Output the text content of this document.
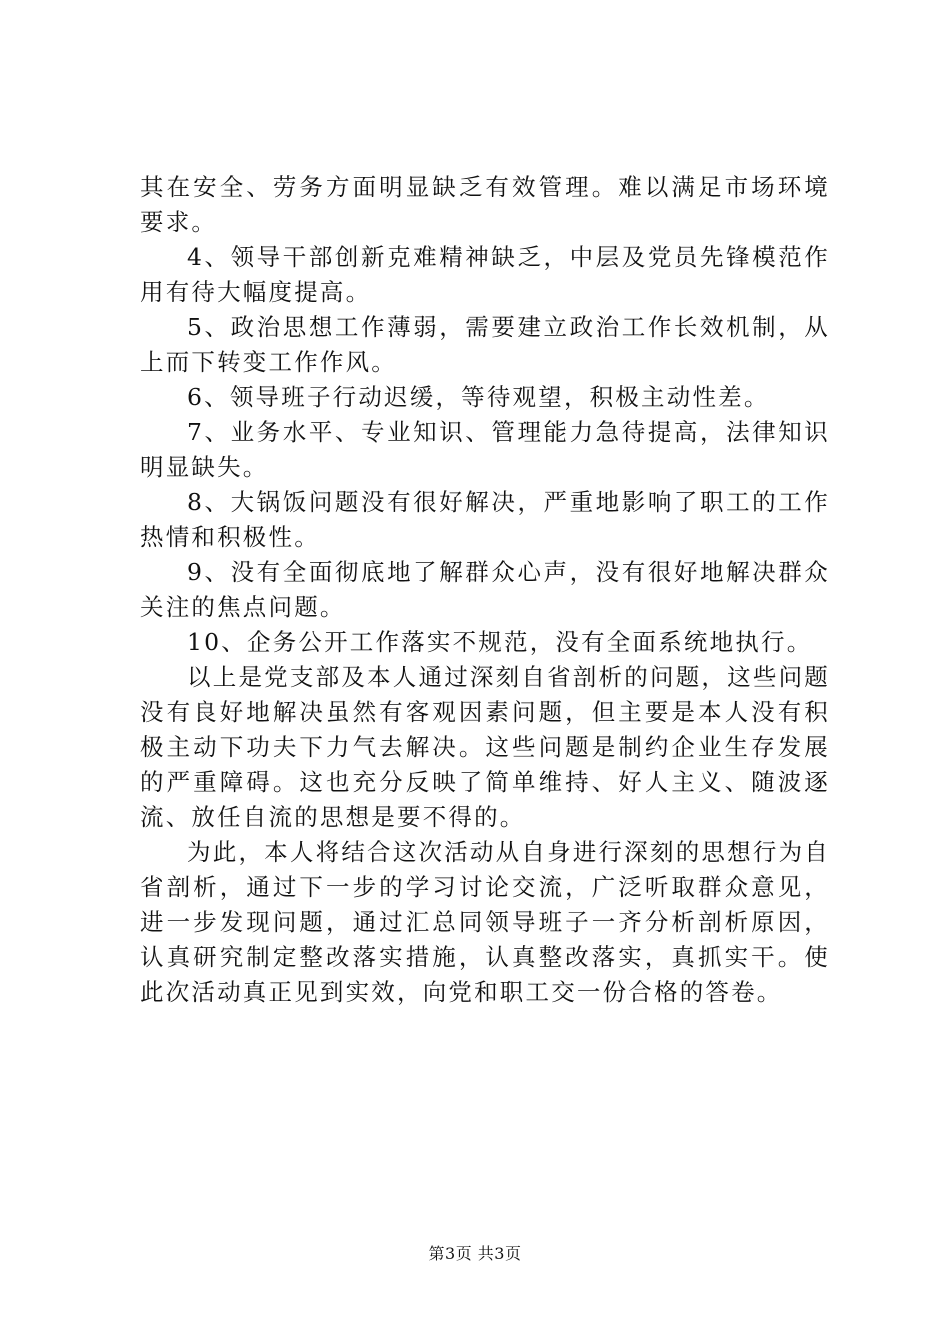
其在安全、劳务方面明显缺乏有效管理。难以满足市场环境要求。

4、领导干部创新克难精神缺乏，中层及党员先锋模范作用有待大幅度提高。

5、政治思想工作薄弱，需要建立政治工作长效机制，从上而下转变工作作风。

6、领导班子行动迟缓，等待观望，积极主动性差。

7、业务水平、专业知识、管理能力急待提高，法律知识明显缺失。

8、大锅饭问题没有很好解决，严重地影响了职工的工作热情和积极性。

9、没有全面彻底地了解群众心声，没有很好地解决群众关注的焦点问题。

10、企务公开工作落实不规范，没有全面系统地执行。

以上是党支部及本人通过深刻自省剖析的问题，这些问题没有良好地解决虽然有客观因素问题，但主要是本人没有积极主动下功夫下力气去解决。这些问题是制约企业生存发展的严重障碍。这也充分反映了简单维持、好人主义、随波逐流、放任自流的思想是要不得的。

为此，本人将结合这次活动从自身进行深刻的思想行为自省剖析，通过下一步的学习讨论交流，广泛听取群众意见，进一步发现问题，通过汇总同领导班子一齐分析剖析原因，认真研究制定整改落实措施，认真整改落实，真抓实干。使此次活动真正见到实效，向党和职工交一份合格的答卷。

第3页 共3页
